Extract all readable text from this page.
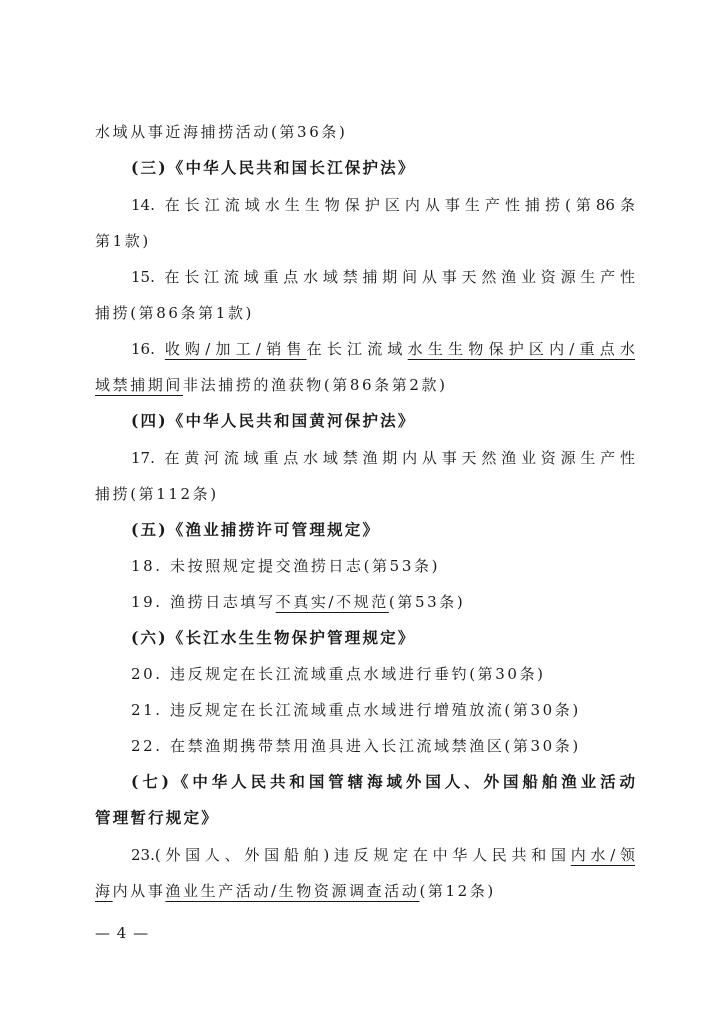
水域从事近海捕捞活动(第36条)
(三)《中华人民共和国长江保护法》
14. 在长江流域水生生物保护区内从事生产性捕捞(第86条
第1款)
15. 在长江流域重点水域禁捕期间从事天然渔业资源生产性
捕捞(第86条第1款)
16. 收购/加工/销售在长江流域水生生物保护区内/重点水
域禁捕期间非法捕捞的渔获物(第86条第2款)
(四)《中华人民共和国黄河保护法》
17. 在黄河流域重点水域禁渔期内从事天然渔业资源生产性
捕捞(第112条)
(五)《渔业捕捞许可管理规定》
18. 未按照规定提交渔捞日志(第53条)
19. 渔捞日志填写不真实/不规范(第53条)
(六)《长江水生生物保护管理规定》
20. 违反规定在长江流域重点水域进行垂钓(第30条)
21. 违反规定在长江流域重点水域进行增殖放流(第30条)
22. 在禁渔期携带禁用渔具进入长江流域禁渔区(第30条)
(七)《中华人民共和国管辖海域外国人、外国船舶渔业活动
管理暂行规定》
23.(外国人、外国船舶)违反规定在中华人民共和国内水/领
海内从事渔业生产活动/生物资源调查活动(第12条)
— 4 —
